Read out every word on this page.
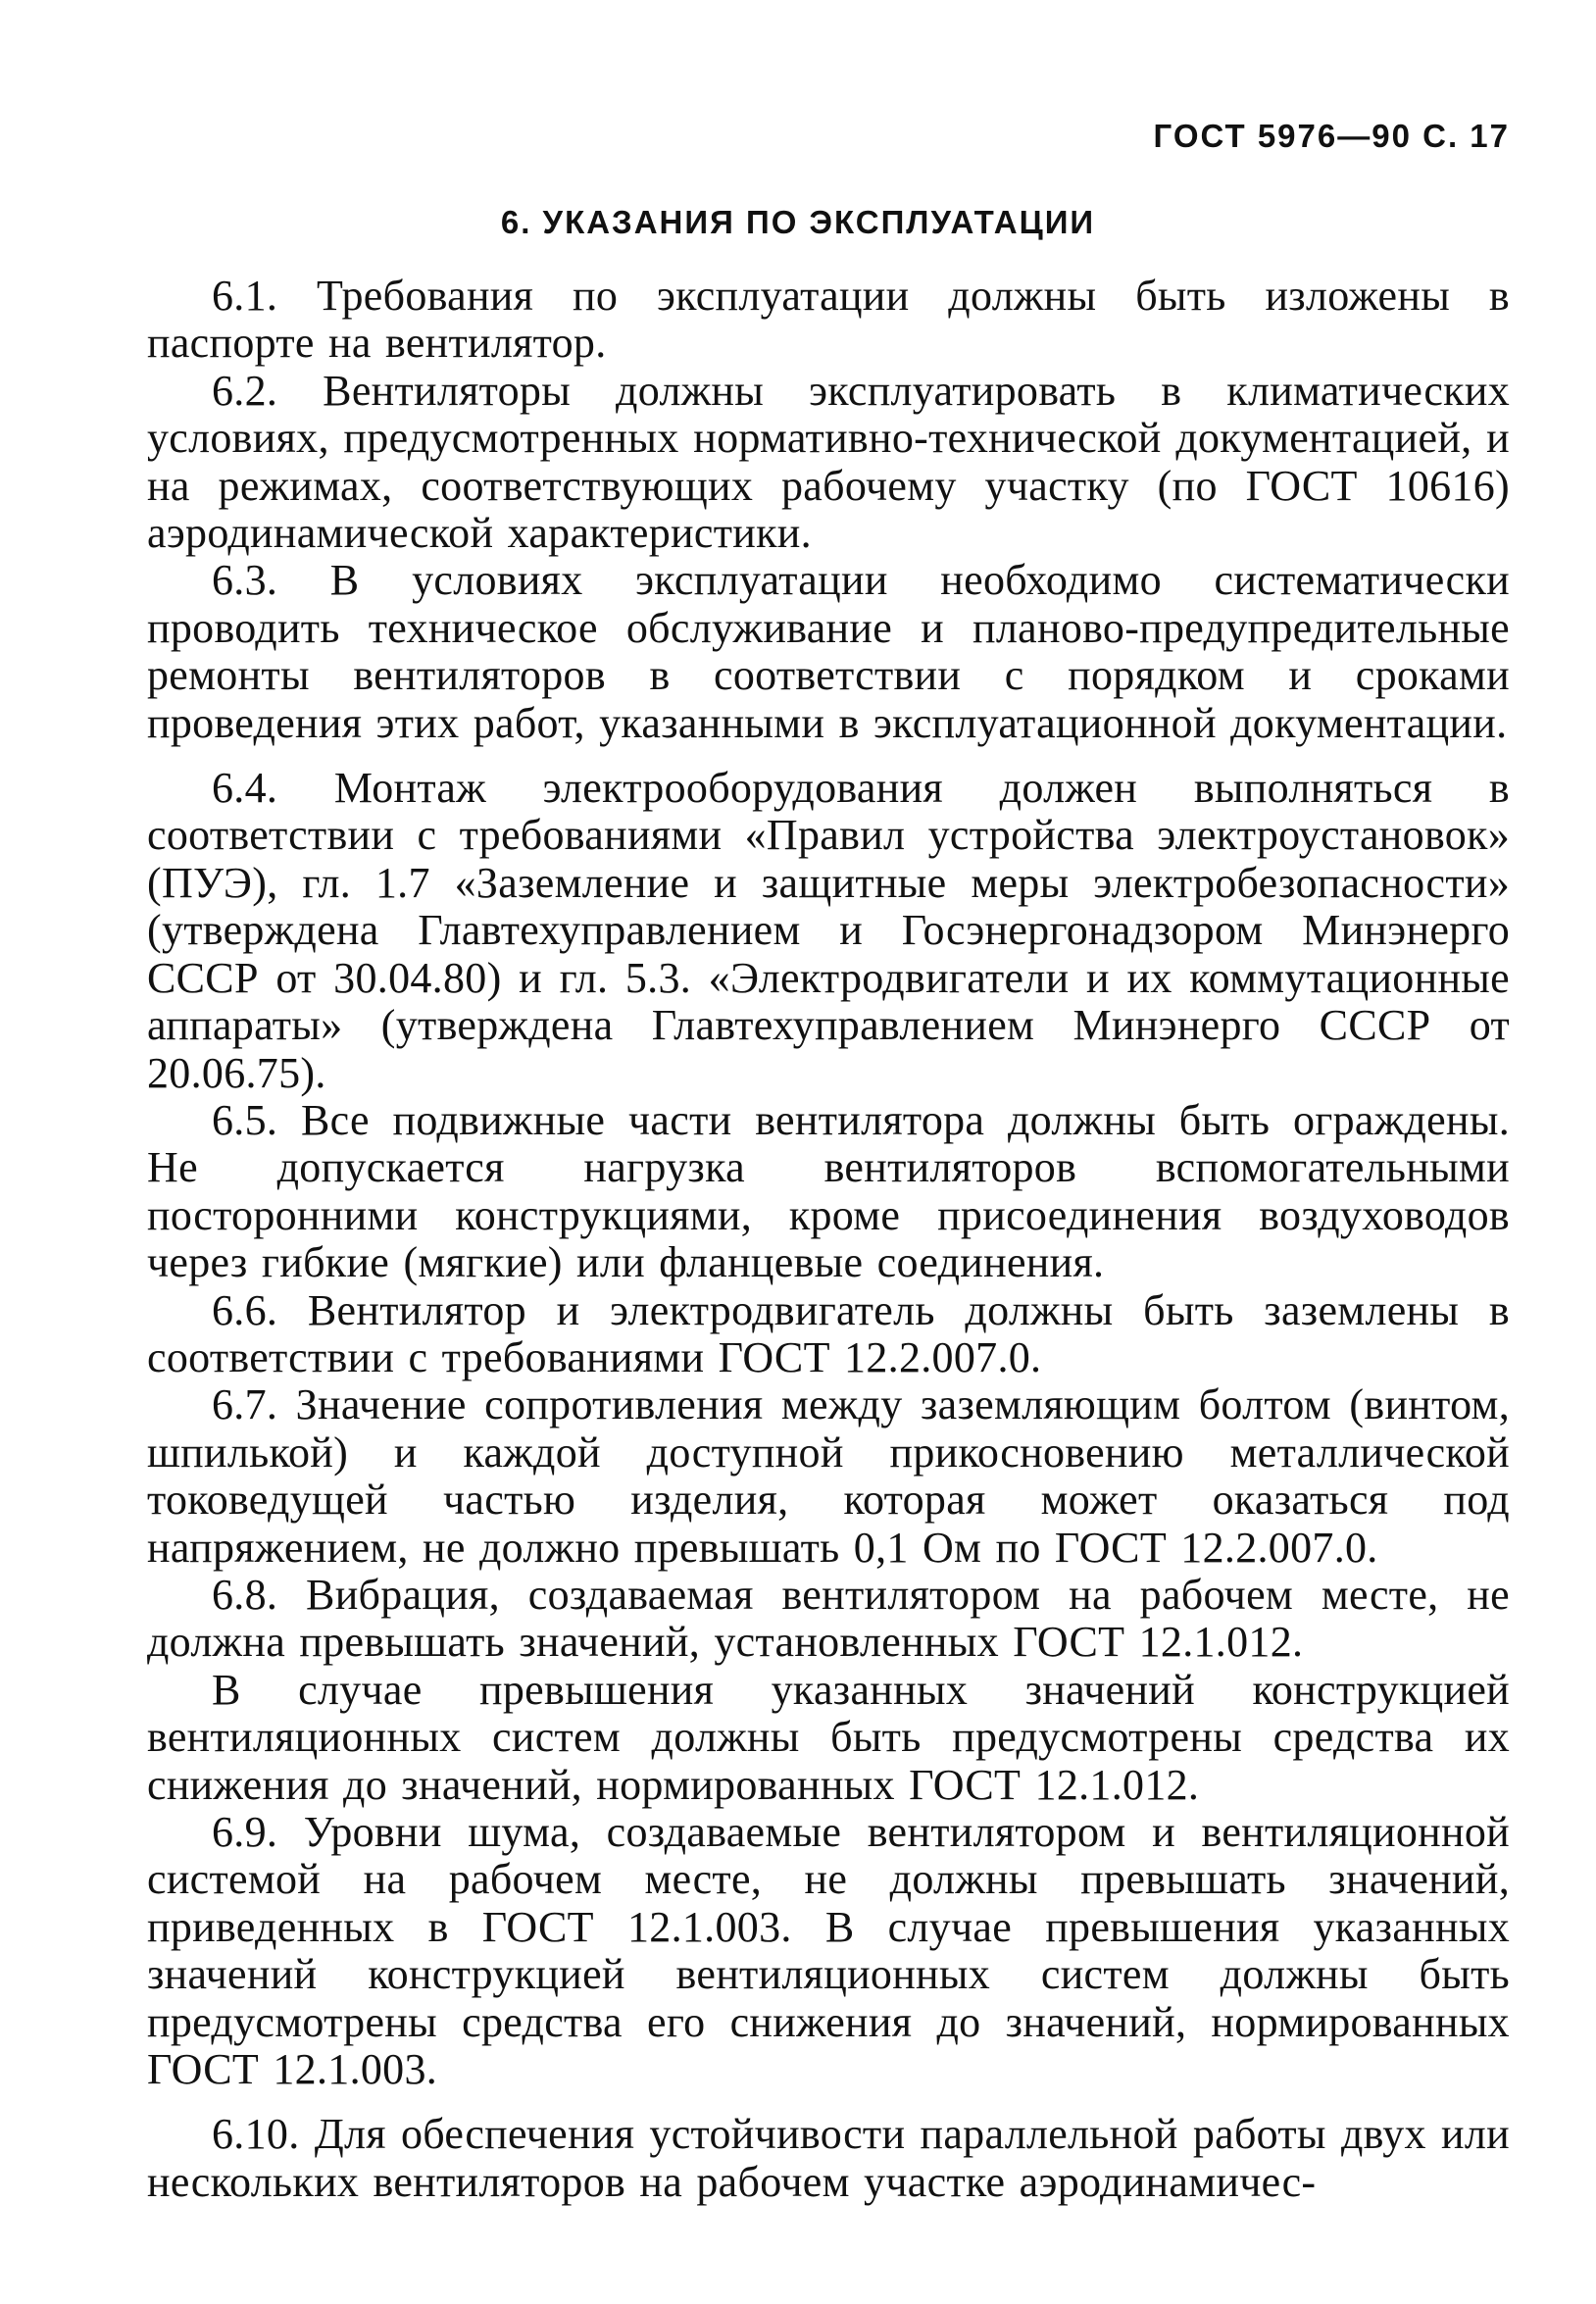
ГОСТ 5976—90 С. 17
6. УКАЗАНИЯ ПО ЭКСПЛУАТАЦИИ

6.1. Требования по эксплуатации должны быть изложены в паспорте на вентилятор.

6.2. Вентиляторы должны эксплуатировать в климатических условиях, предусмотренных нормативно-технической документацией, и на режимах, соответствующих рабочему участку (по ГОСТ 10616) аэродинамической характеристики.

6.3. В условиях эксплуатации необходимо систематически проводить техническое обслуживание и планово-предупредительные ремонты вентиляторов в соответствии с порядком и сроками проведения этих работ, указанными в эксплуатационной документации.

6.4. Монтаж электрооборудования должен выполняться в соответствии с требованиями «Правил устройства электроустановок» (ПУЭ), гл. 1.7 «Заземление и защитные меры электробезопасности» (утверждена Главтехуправлением и Госэнергонадзором Минэнерго СССР от 30.04.80) и гл. 5.3. «Электродвигатели и их коммутационные аппараты» (утверждена Главтехуправлением Минэнерго СССР от 20.06.75).

6.5. Все подвижные части вентилятора должны быть ограждены. Не допускается нагрузка вентиляторов вспомогательными посторонними конструкциями, кроме присоединения воздуховодов через гибкие (мягкие) или фланцевые соединения.

6.6. Вентилятор и электродвигатель должны быть заземлены в соответствии с требованиями ГОСТ 12.2.007.0.

6.7. Значение сопротивления между заземляющим болтом (винтом, шпилькой) и каждой доступной прикосновению металлической токоведущей частью изделия, которая может оказаться под напряжением, не должно превышать 0,1 Ом по ГОСТ 12.2.007.0.

6.8. Вибрация, создаваемая вентилятором на рабочем месте, не должна превышать значений, установленных ГОСТ 12.1.012.

В случае превышения указанных значений конструкцией вентиляционных систем должны быть предусмотрены средства их снижения до значений, нормированных ГОСТ 12.1.012.

6.9. Уровни шума, создаваемые вентилятором и вентиляционной системой на рабочем месте, не должны превышать значений, приведенных в ГОСТ 12.1.003. В случае превышения указанных значений конструкцией вентиляционных систем должны быть предусмотрены средства его снижения до значений, нормированных ГОСТ 12.1.003.

6.10. Для обеспечения устойчивости параллельной работы двух или нескольких вентиляторов на рабочем участке аэродинамичес-
